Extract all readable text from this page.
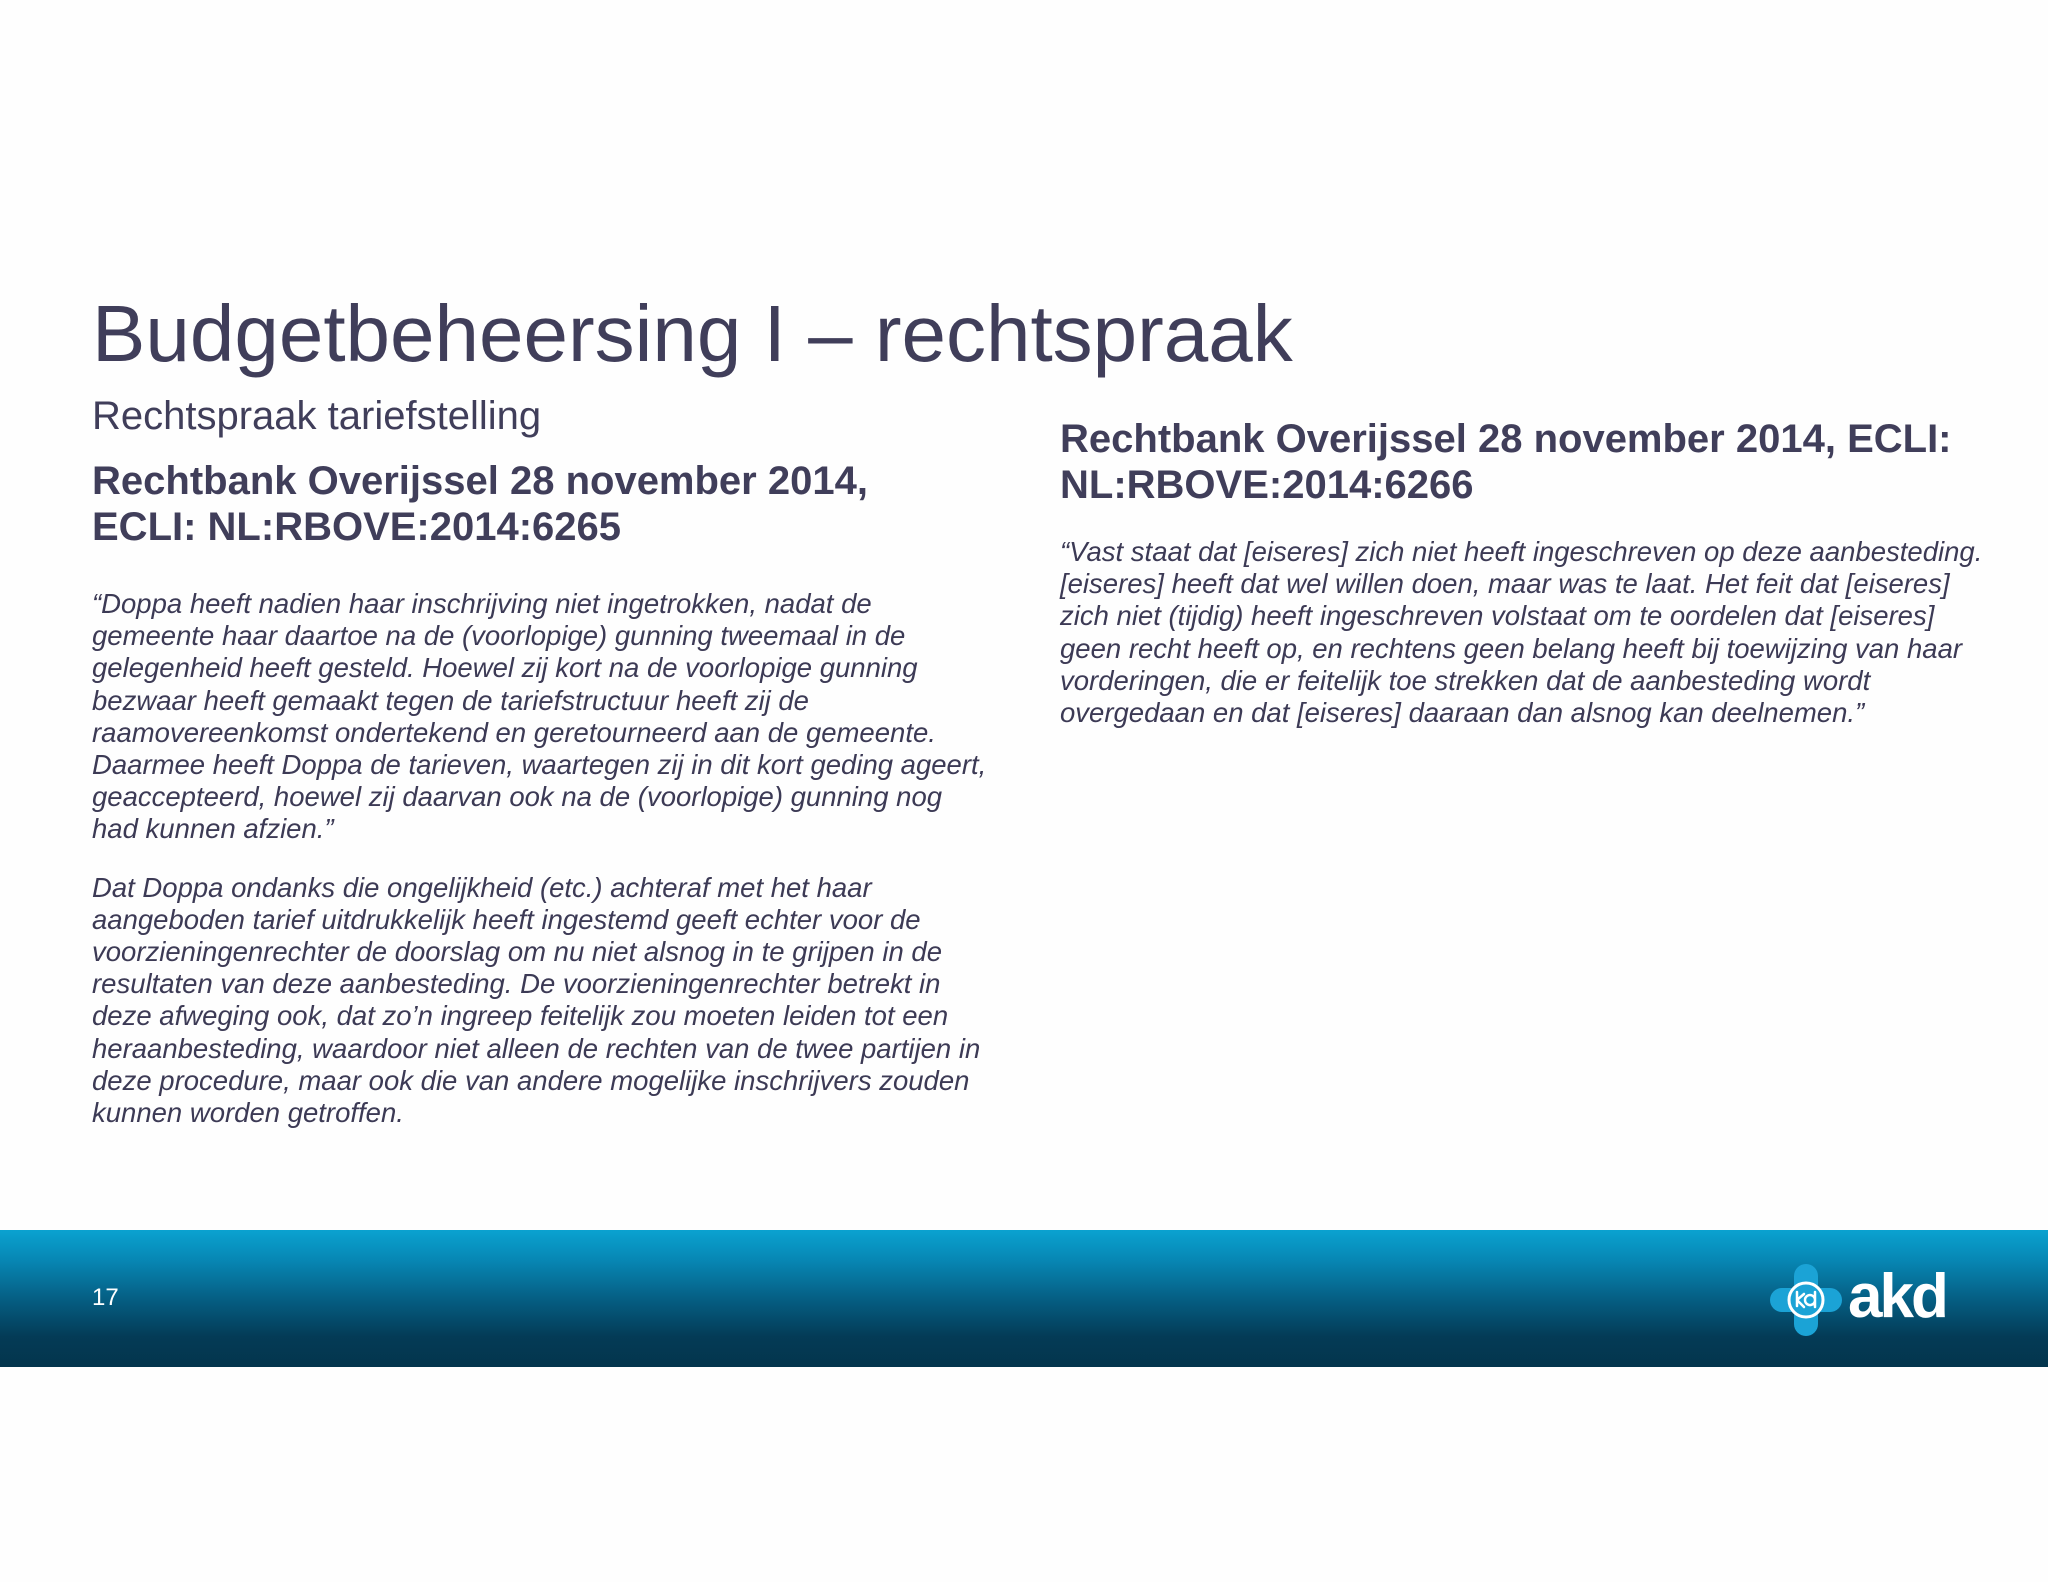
Budgetbeheersing I – rechtspraak

Rechtspraak tariefstelling

Rechtbank Overijssel 28 november 2014,
ECLI: NL:RBOVE:2014:6265

“Doppa heeft nadien haar inschrijving niet ingetrokken, nadat de gemeente haar daartoe na de (voorlopige) gunning tweemaal in de gelegenheid heeft gesteld. Hoewel zij kort na de voorlopige gunning bezwaar heeft gemaakt tegen de tariefstructuur heeft zij de raamovereenkomst ondertekend en geretourneerd aan de gemeente. Daarmee heeft Doppa de tarieven, waartegen zij in dit kort geding ageert, geaccepteerd, hoewel zij daarvan ook na de (voorlopige) gunning nog had kunnen afzien.”

Dat Doppa ondanks die ongelijkheid (etc.) achteraf met het haar aangeboden tarief uitdrukkelijk heeft ingestemd geeft echter voor de voorzieningenrechter de doorslag om nu niet alsnog in te grijpen in de resultaten van deze aanbesteding. De voorzieningenrechter betrekt in deze afweging ook, dat zo’n ingreep feitelijk zou moeten leiden tot een heraanbesteding, waardoor niet alleen de rechten van de twee partijen in deze procedure, maar ook die van andere mogelijke inschrijvers zouden kunnen worden getroffen.

Rechtbank Overijssel 28 november 2014, ECLI:
NL:RBOVE:2014:6266

“Vast staat dat [eiseres] zich niet heeft ingeschreven op deze aanbesteding. [eiseres] heeft dat wel willen doen, maar was te laat. Het feit dat [eiseres] zich niet (tijdig) heeft ingeschreven volstaat om te oordelen dat [eiseres] geen recht heeft op, en rechtens geen belang heeft bij toewijzing van haar vorderingen, die er feitelijk toe strekken dat de aanbesteding wordt overgedaan en dat [eiseres] daaraan dan alsnog kan deelnemen.”

17	akd
